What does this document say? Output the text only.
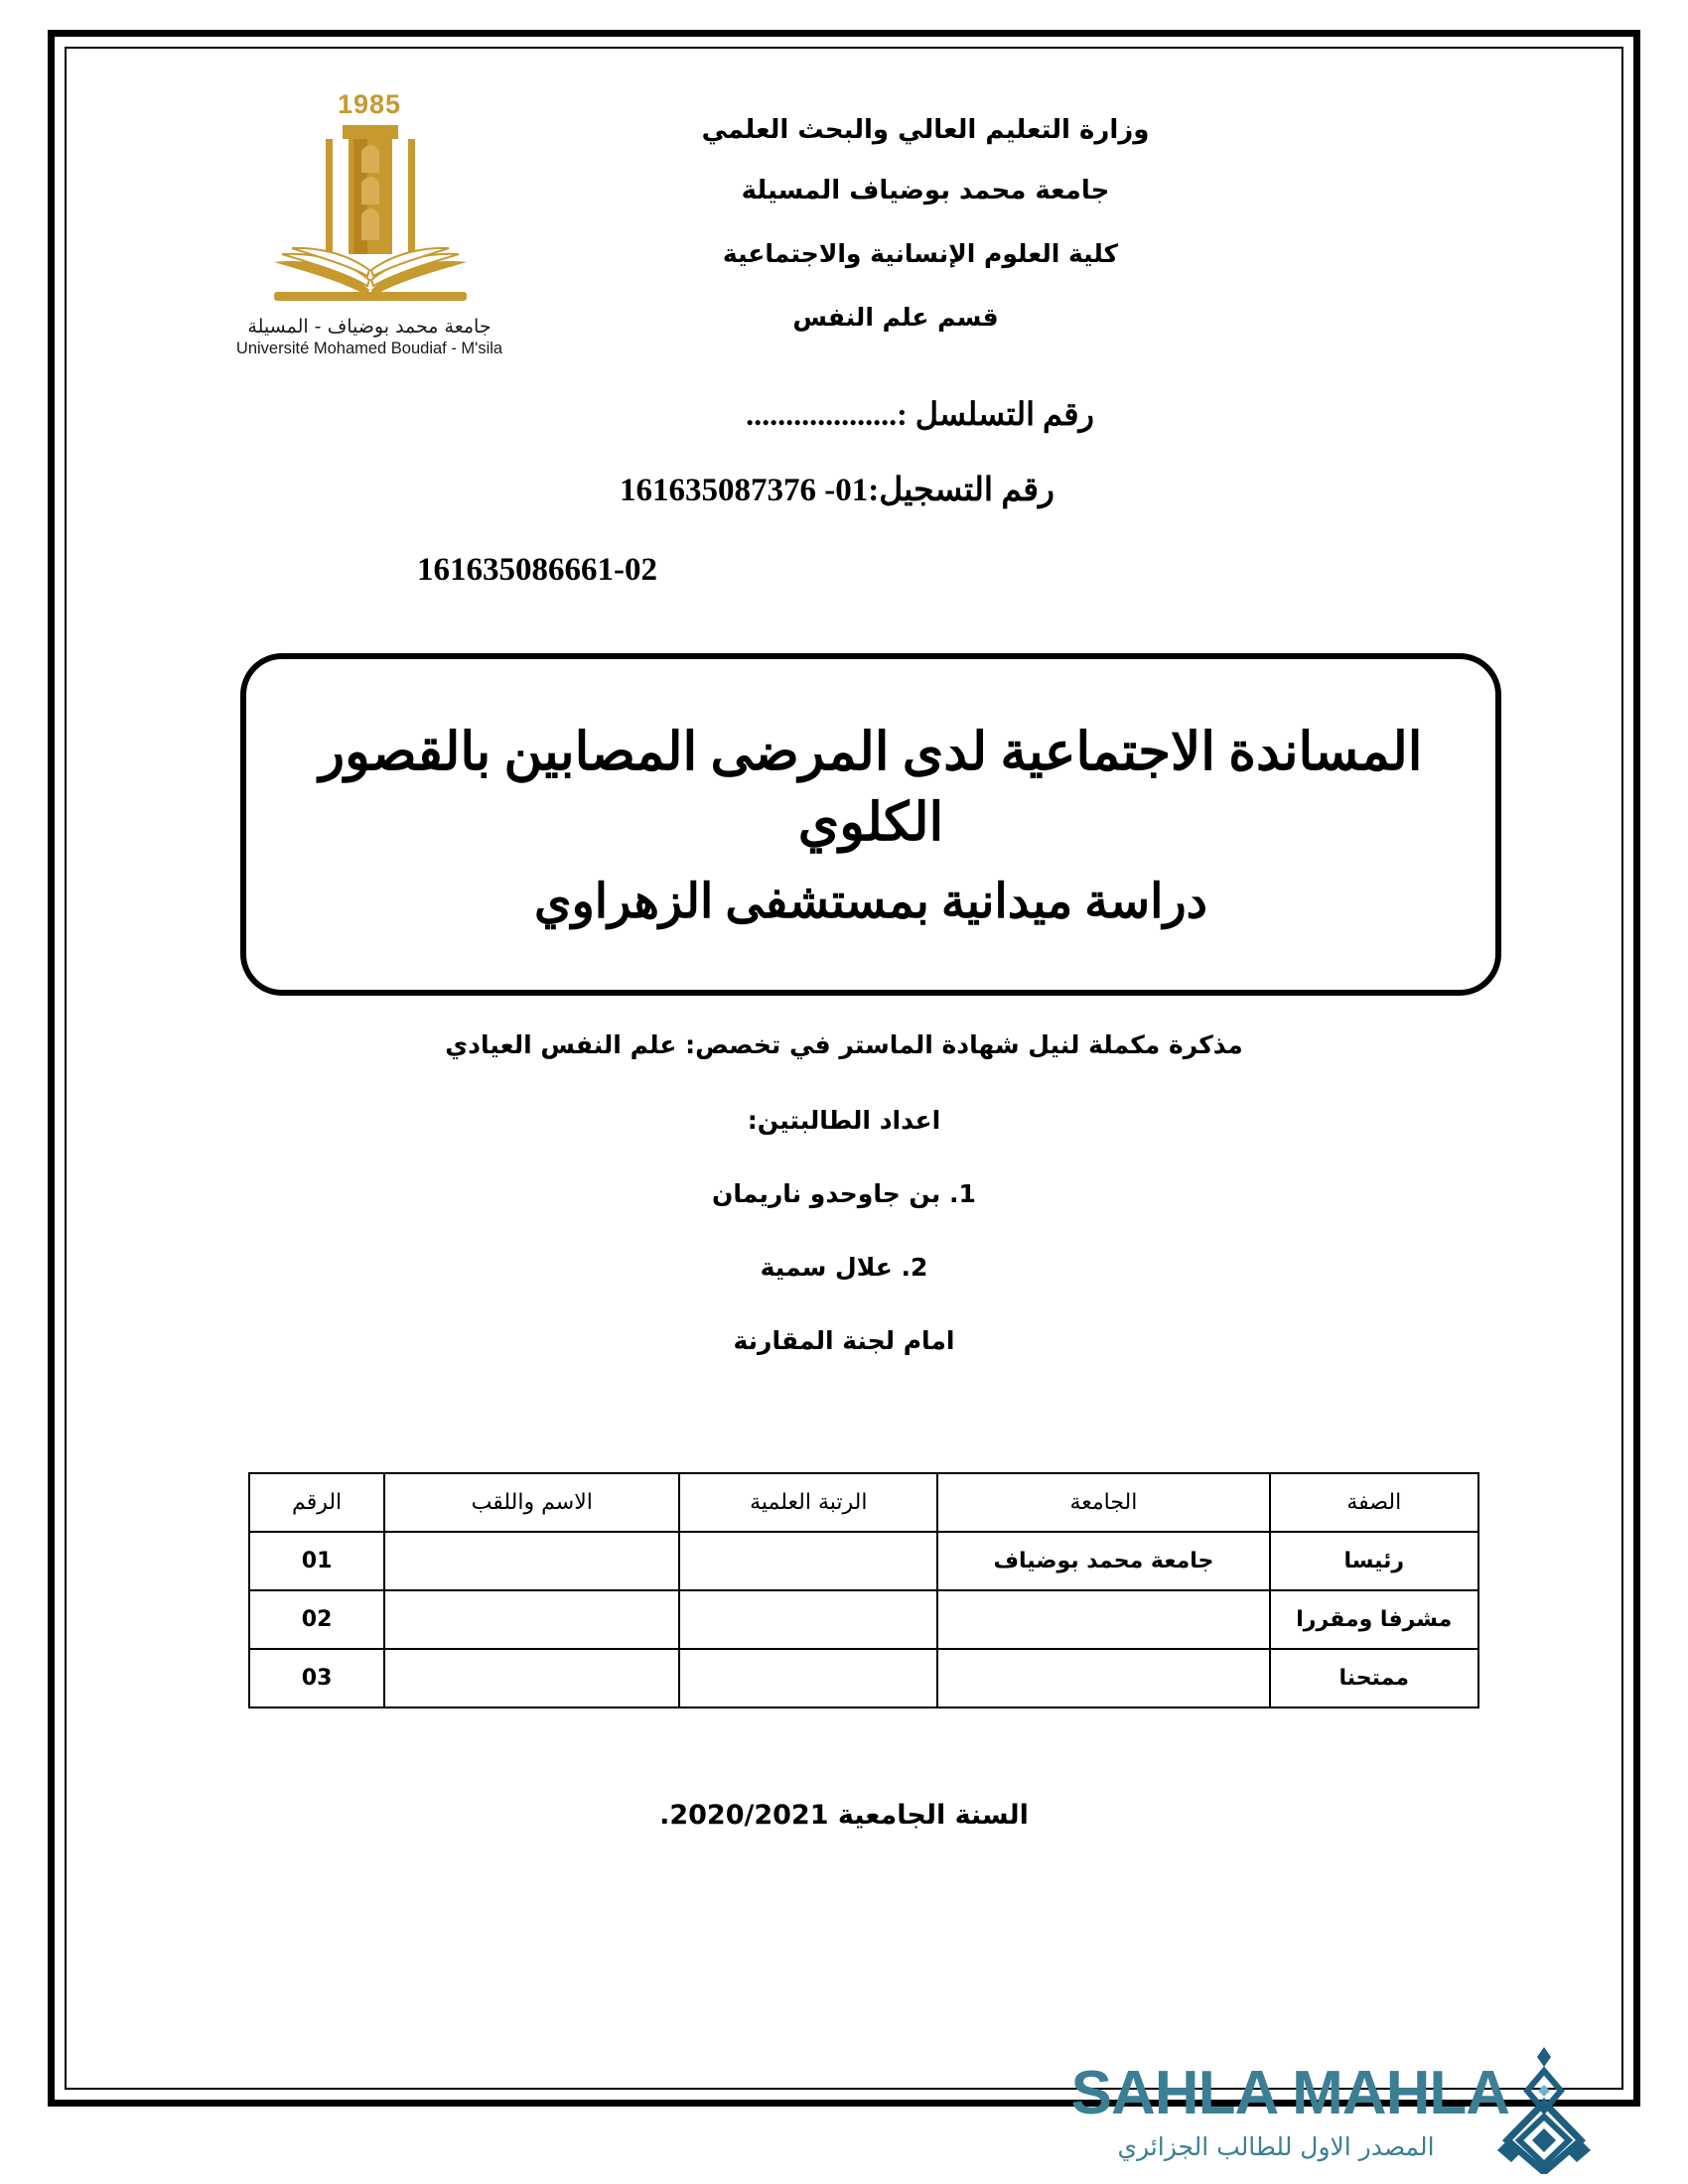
1985
جامعة محمد بوضياف - المسيلة
Université Mohamed Boudiaf - M'sila
وزارة التعليم العالي والبحث العلمي
جامعة محمد بوضياف المسيلة
كلية العلوم الإنسانية والاجتماعية
قسم علم النفس
رقم التسلسل :...................
رقم التسجيل:01- 161635087376
161635086661-02
المساندة الاجتماعية لدى المرضى المصابين بالقصور الكلوي
دراسة ميدانية بمستشفى الزهراوي
مذكرة مكملة لنيل شهادة الماستر في تخصص: علم النفس العيادي
اعداد الطالبتين:
1. بن جاوحدو ناريمان
2. علال سمية
امام لجنة المقارنة
الصفة	الجامعة	الرتبة العلمية	الاسم واللقب	الرقم
رئيسا	جامعة محمد بوضياف			01
مشرفا ومقررا				02
ممتحنا				03
السنة الجامعية 2020/2021.
SAHLA MAHLA
المصدر الاول للطالب الجزائري
